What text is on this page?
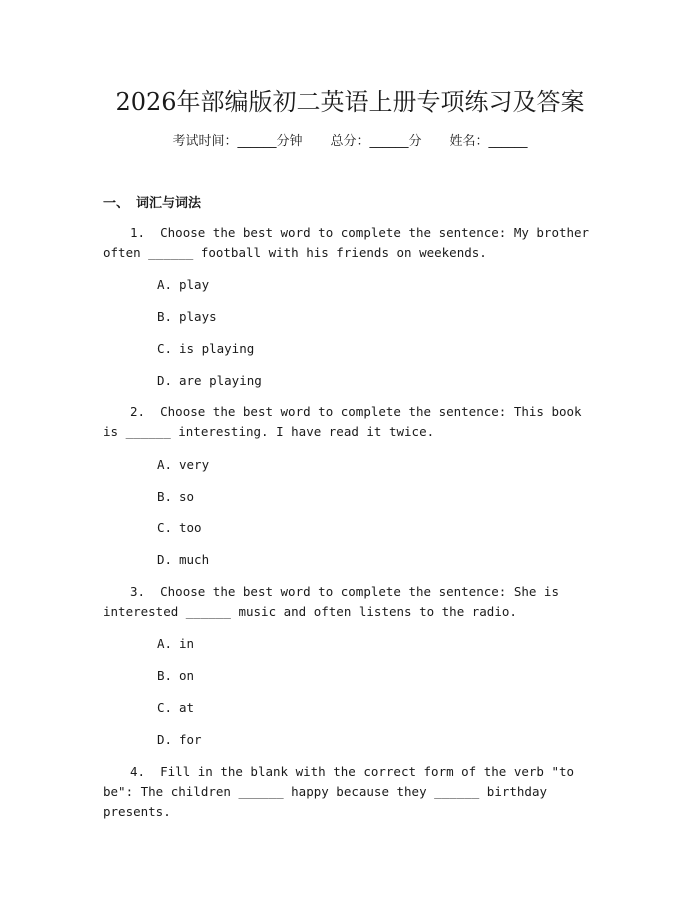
2026年部编版初二英语上册专项练习及答案
考试时间：______分钟 总分：______分 姓名：______
一、 词汇与词法
1. Choose the best word to complete the sentence: My brother often ______ football with his friends on weekends.
A. play
B. plays
C. is playing
D. are playing
2. Choose the best word to complete the sentence: This book is ______ interesting. I have read it twice.
A. very
B. so
C. too
D. much
3. Choose the best word to complete the sentence: She is interested ______ music and often listens to the radio.
A. in
B. on
C. at
D. for
4. Fill in the blank with the correct form of the verb "to be": The children ______ happy because they ______ birthday presents.
